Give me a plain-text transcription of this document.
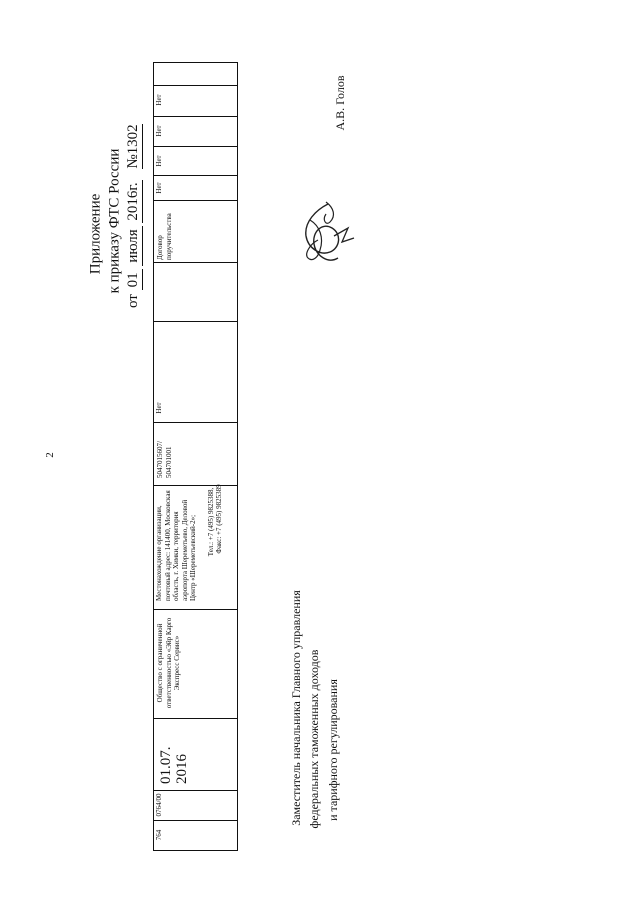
2
Приложение к приказу ФТС России
от 01 июля 2016г. №1302
764
0764/00
01.07. 2016
Общество с ограниченной ответственностью «Эйр Карго Экспресс Сервис»
Местонахождение организации, почтовый адрес: 141400, Московская область, г. Химки, территория аэропорта Шереметьево, Деловой Центр «Шереметьевский-2»;	Тел.: +7 (495) 9825388, Факс: +7 (495) 9825389
5047015607/ 504701001
Нет
Договор поручительства
Нет
Нет
Нет
Нет
Заместитель начальника Главного управления федеральных таможенных доходов и тарифного регулирования
А.В. Голов
